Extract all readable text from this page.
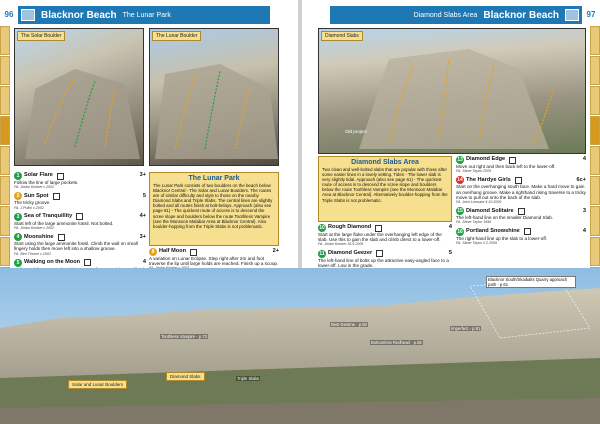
96	Blacknor Beach The Lunar Park
The Solar Boulder	The Lunar Boulder
1 Solar Flare	3+
Follow the line of large pockets.
FA. Jimbo Kimber c.2002
2 Sun Spot	5
The tricky groove.
FA. J.Pullin c.2002
3 Sea of Tranquillity	4+
Start left of the large ammonite fossil. Not bolted.
FA. Jimbo Kimber c.2002
4 Moonshine	3+
Start using the large ammonite fossil. Climb the wall on small fingery holds then move left into a shallow groove.
FA. Ben Thorne c.2002
5 Walking on the Moon	4
The Lunar Park

The Lunar Park consists of two boulders on the beach below Blacknor Central - The Solar and Lunar Boulders. The routes are of similar difficulty and style to those on the nearby Diamond Slabs and Triple Slabs. The central lines are slightly bolted and all routes finish at bolt-belays. Approach (also see page 61) - The quickest route of access is to descend the scree slope and boulders below the route Toothless Vampire (see the Monsoon Malabar Area at Blacknor Central). Also boulder-hopping from the Triple Slabs is not problematic.

8 Half Moon	2+
A variation on Lunar Eclipse. Step right after 2m and foot traverse the lip until large holds are reached. Finish up a scoop.
Diamond Slabs Area Blacknor Beach	97
Diamond Slabs
Old project
Diamond Slabs Area

Two clean and well-bolted slabs that are popular with those after some easier lines in a lovely setting. Tides - The lower slab is very slightly tidal. Approach (also see page 61) - The quickest route of access is to descend the scree slope and boulders below the route Toothless Vampire (see the Monsoon Malabar Area at Blacknor Central). Alternatively boulder-hopping from the Triple Slabs is not problematic.

10 Rough Diamond	4
Start at the large flake under the overhanging left edge of the slab. Use this to gain the slab and climb direct to a lower-off.
FA. Jimbo Kimber 15.5.2009
11 Diamond Geezer	5
The left-hand line of bolts up the attractive easy-angled face to a lower-off. Low in the grade.
13 Diamond Edge	4
Move out right and then back left to the lower-off.
FA. Steve Taylor 2005
14 The Hardye Girls	6c+
Start on the overhanging south face. Make a hard move to gain an overhang groove. Make a righthand rising traverse to a tricky move to pull out onto the back of the slab.
FA. John Leonard 4.10.2009
15 Diamond Solitaire	3
The left-hand line on the smaller Diamond Slab.
FA. Steve Taylor 1996
16 Portland Snowshine	4
The right-hand line up the slab to a lower-off.
FA. Steve Taylor 2.2.2006
Blacknor South/Skaibalts Quarry approach path - p.61
Best Dentine - p.50
Imperfect - p.81
Bottomless Redhead - p.55
Toothless Vampire - p.73
Diamond Slabs	Triple Slabs
Solar and Lunar Boulders
